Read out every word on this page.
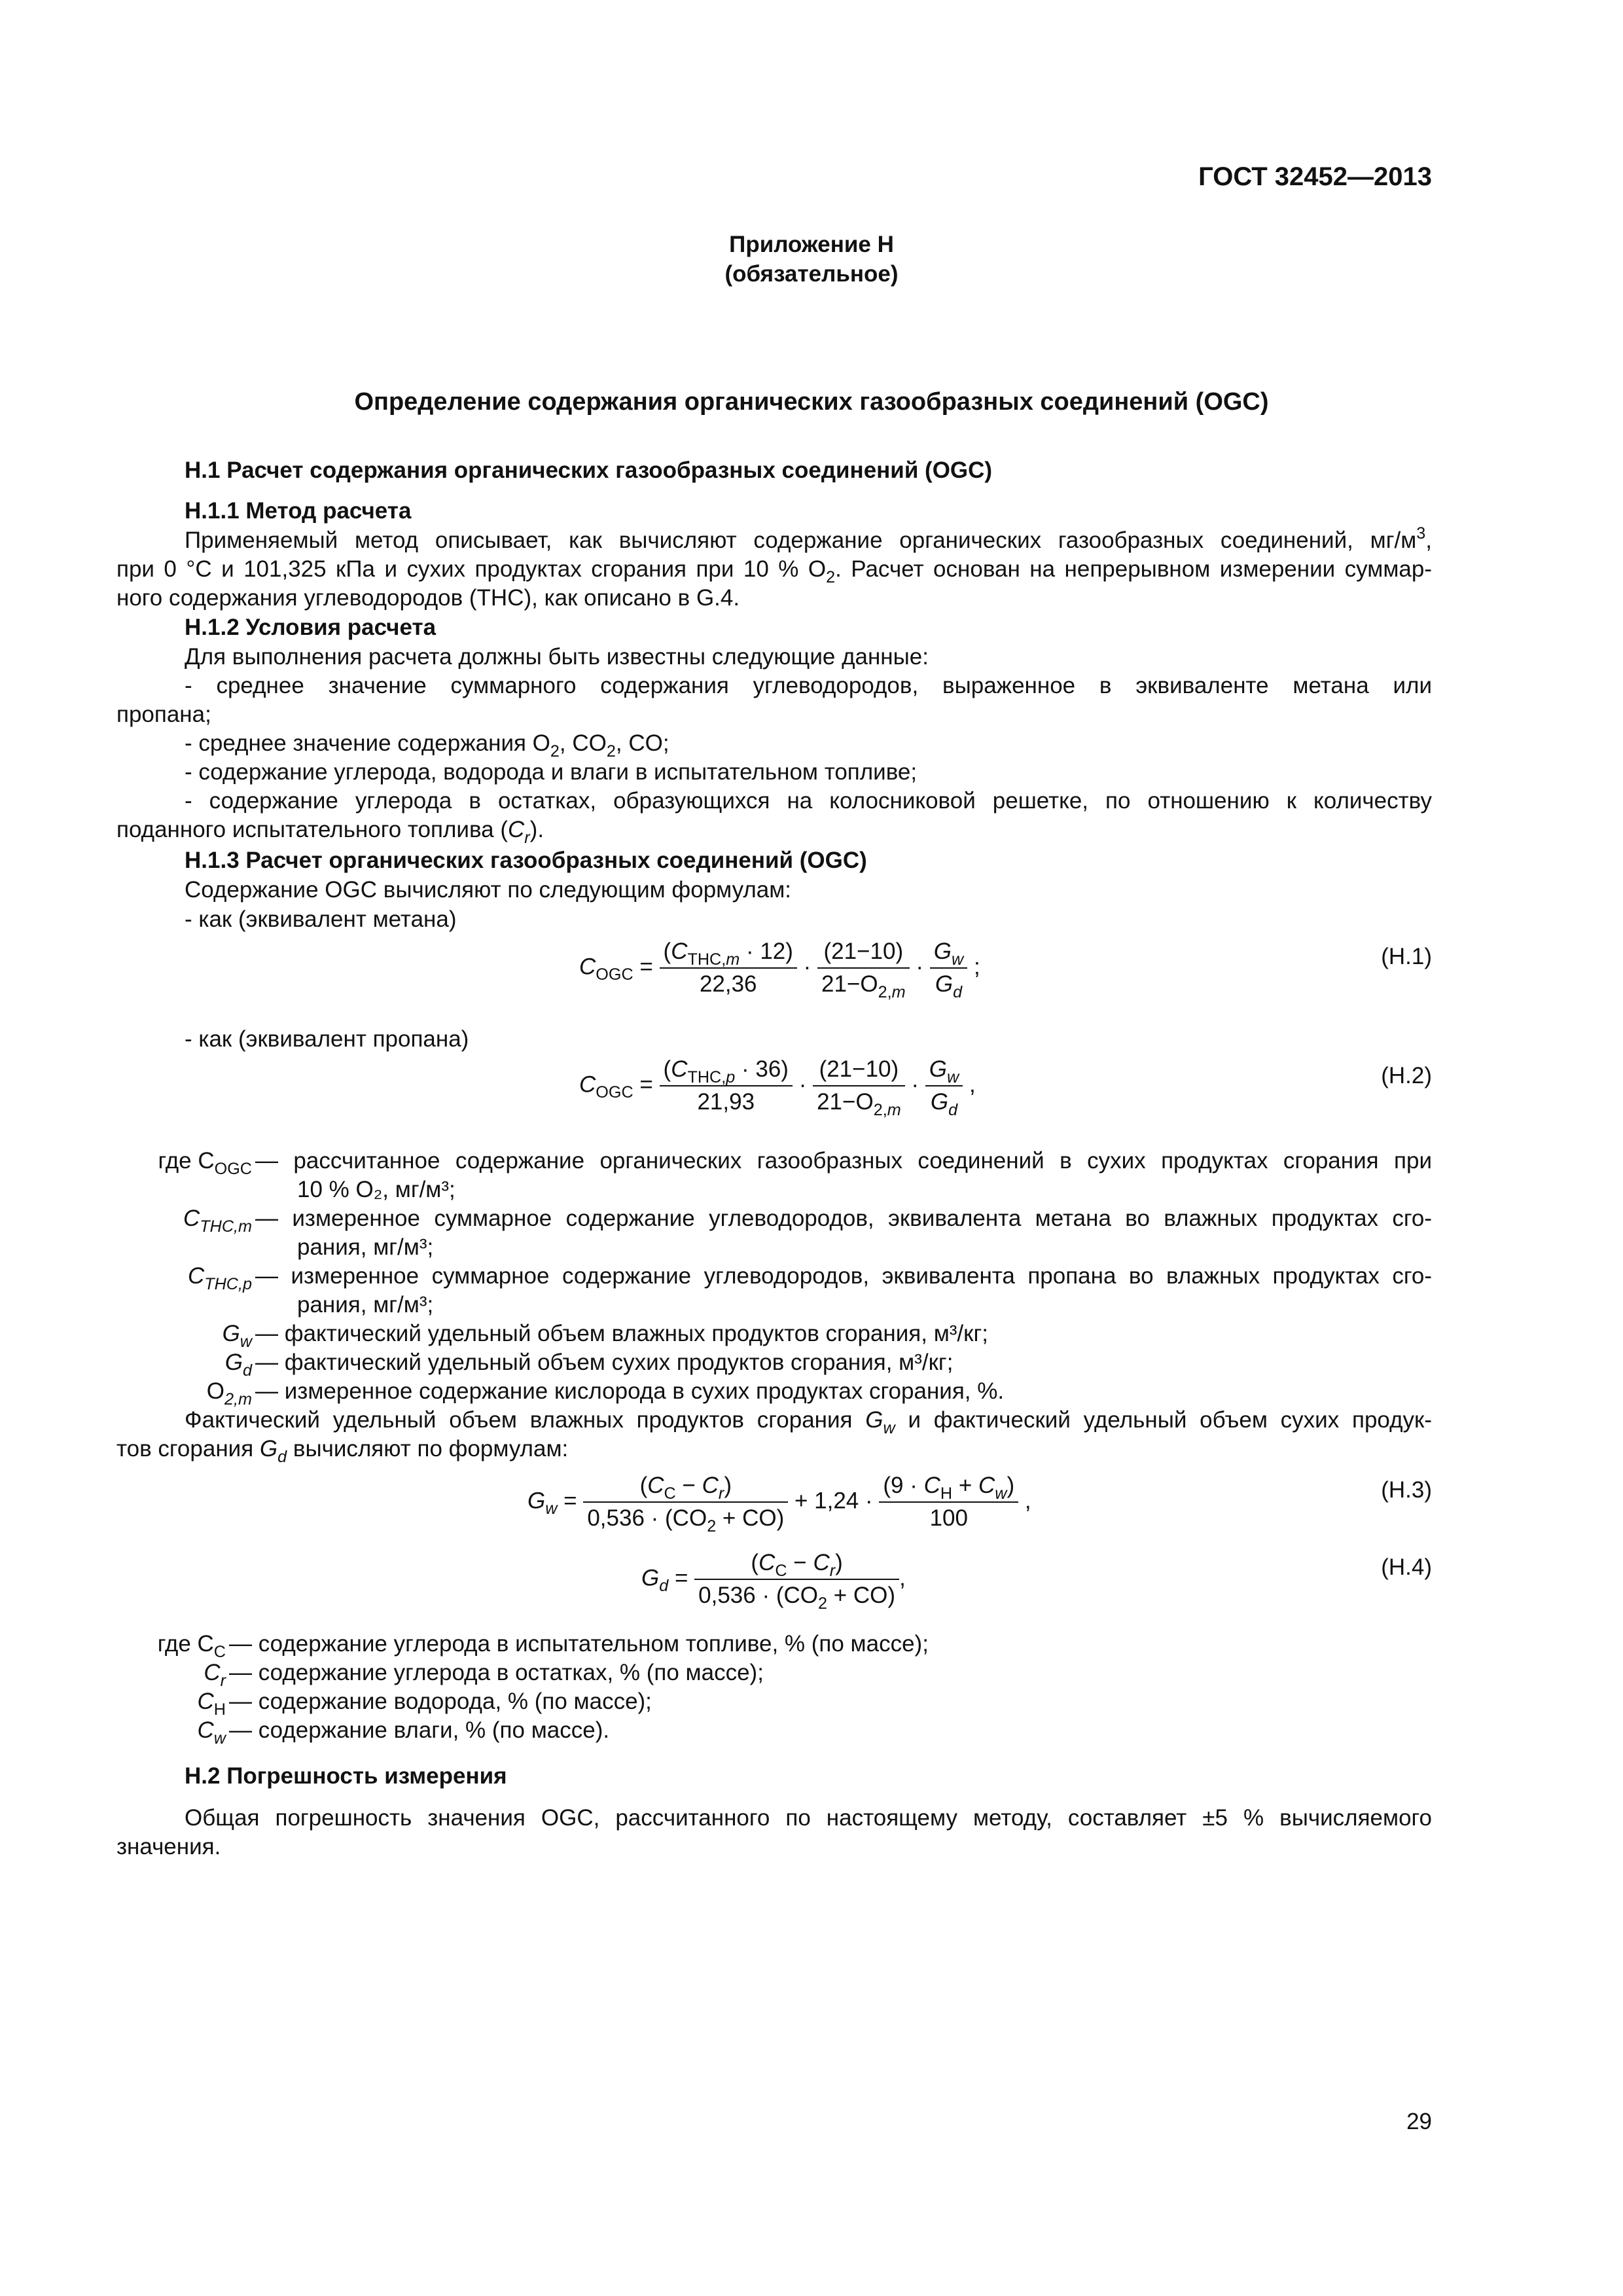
ГОСТ 32452—2013
Приложение Н
(обязательное)
Определение содержания органических газообразных соединений (OGC)
Н.1 Расчет содержания органических газообразных соединений (OGC)
Н.1.1 Метод расчета
Применяемый метод описывает, как вычисляют содержание органических газообразных соединений, $мг/м^3$,
при 0 °С и 101,325 кПа и сухих продуктах сгорания при 10 % $O_2$. Расчет основан на непрерывном измерении суммар-
ного содержания углеводородов (THC), как описано в G.4.
Н.1.2 Условия расчета
Для выполнения расчета должны быть известны следующие данные:
- среднее значение суммарного содержания углеводородов, выраженное в эквиваленте метана или
пропана;
- среднее значение содержания $O_2$, $CO_2$, CO;
- содержание углерода, водорода и влаги в испытательном топливе;
- содержание углерода в остатках, образующихся на колосниковой решетке, по отношению к количеству
поданного испытательного топлива $(C_r)$.
Н.1.3 Расчет органических газообразных соединений (OGC)
Содержание OGC вычисляют по следующим формулам:
- как (эквивалент метана)
$C_{OGC} = \frac{(C_{THC,m} \cdot 12)}{22,36} \cdot \frac{(21-10)}{21-O_{2,m}} \cdot \frac{G_w}{G_d}$ ;	(Н.1)
- как (эквивалент пропана)
$C_{OGC} = \frac{(C_{THC,p} \cdot 36)}{21,93} \cdot \frac{(21-10)}{21-O_{2,m}} \cdot \frac{G_w}{G_d}$ ,	(Н.2)
где $C_{OGC}$ — рассчитанное содержание органических газообразных соединений в сухих продуктах сгорания при
10 % O₂, мг/м³;
$C_{THC,m}$ — измеренное суммарное содержание углеводородов, эквивалента метана во влажных продуктах сго-
рания, мг/м³;
$C_{THC,p}$ — измеренное суммарное содержание углеводородов, эквивалента пропана во влажных продуктах сго-
рания, мг/м³;
$G_w$ — фактический удельный объем влажных продуктов сгорания, м³/кг;
$G_d$ — фактический удельный объем сухих продуктов сгорания, м³/кг;
$O_{2,m}$ — измеренное содержание кислорода в сухих продуктах сгорания, %.
Фактический удельный объем влажных продуктов сгорания $G_w$ и фактический удельный объем сухих продук-
тов сгорания $G_d$ вычисляют по формулам:
$G_w = \frac{(C_C - C_r)}{0,536 \cdot (CO_2 + CO)} + 1,24 \cdot \frac{(9 \cdot C_H + C_w)}{100}$ ,	(Н.3)
$G_d = \frac{(C_C - C_r)}{0,536 \cdot (CO_2 + CO)}$ ,	(Н.4)
где $C_C$ — содержание углерода в испытательном топливе, % (по массе);
$C_r$ — содержание углерода в остатках, % (по массе);
$C_H$ — содержание водорода, % (по массе);
$C_w$ — содержание влаги, % (по массе).
Н.2 Погрешность измерения
Общая погрешность значения OGC, рассчитанного по настоящему методу, составляет ±5 % вычисляемого
значения.
29
